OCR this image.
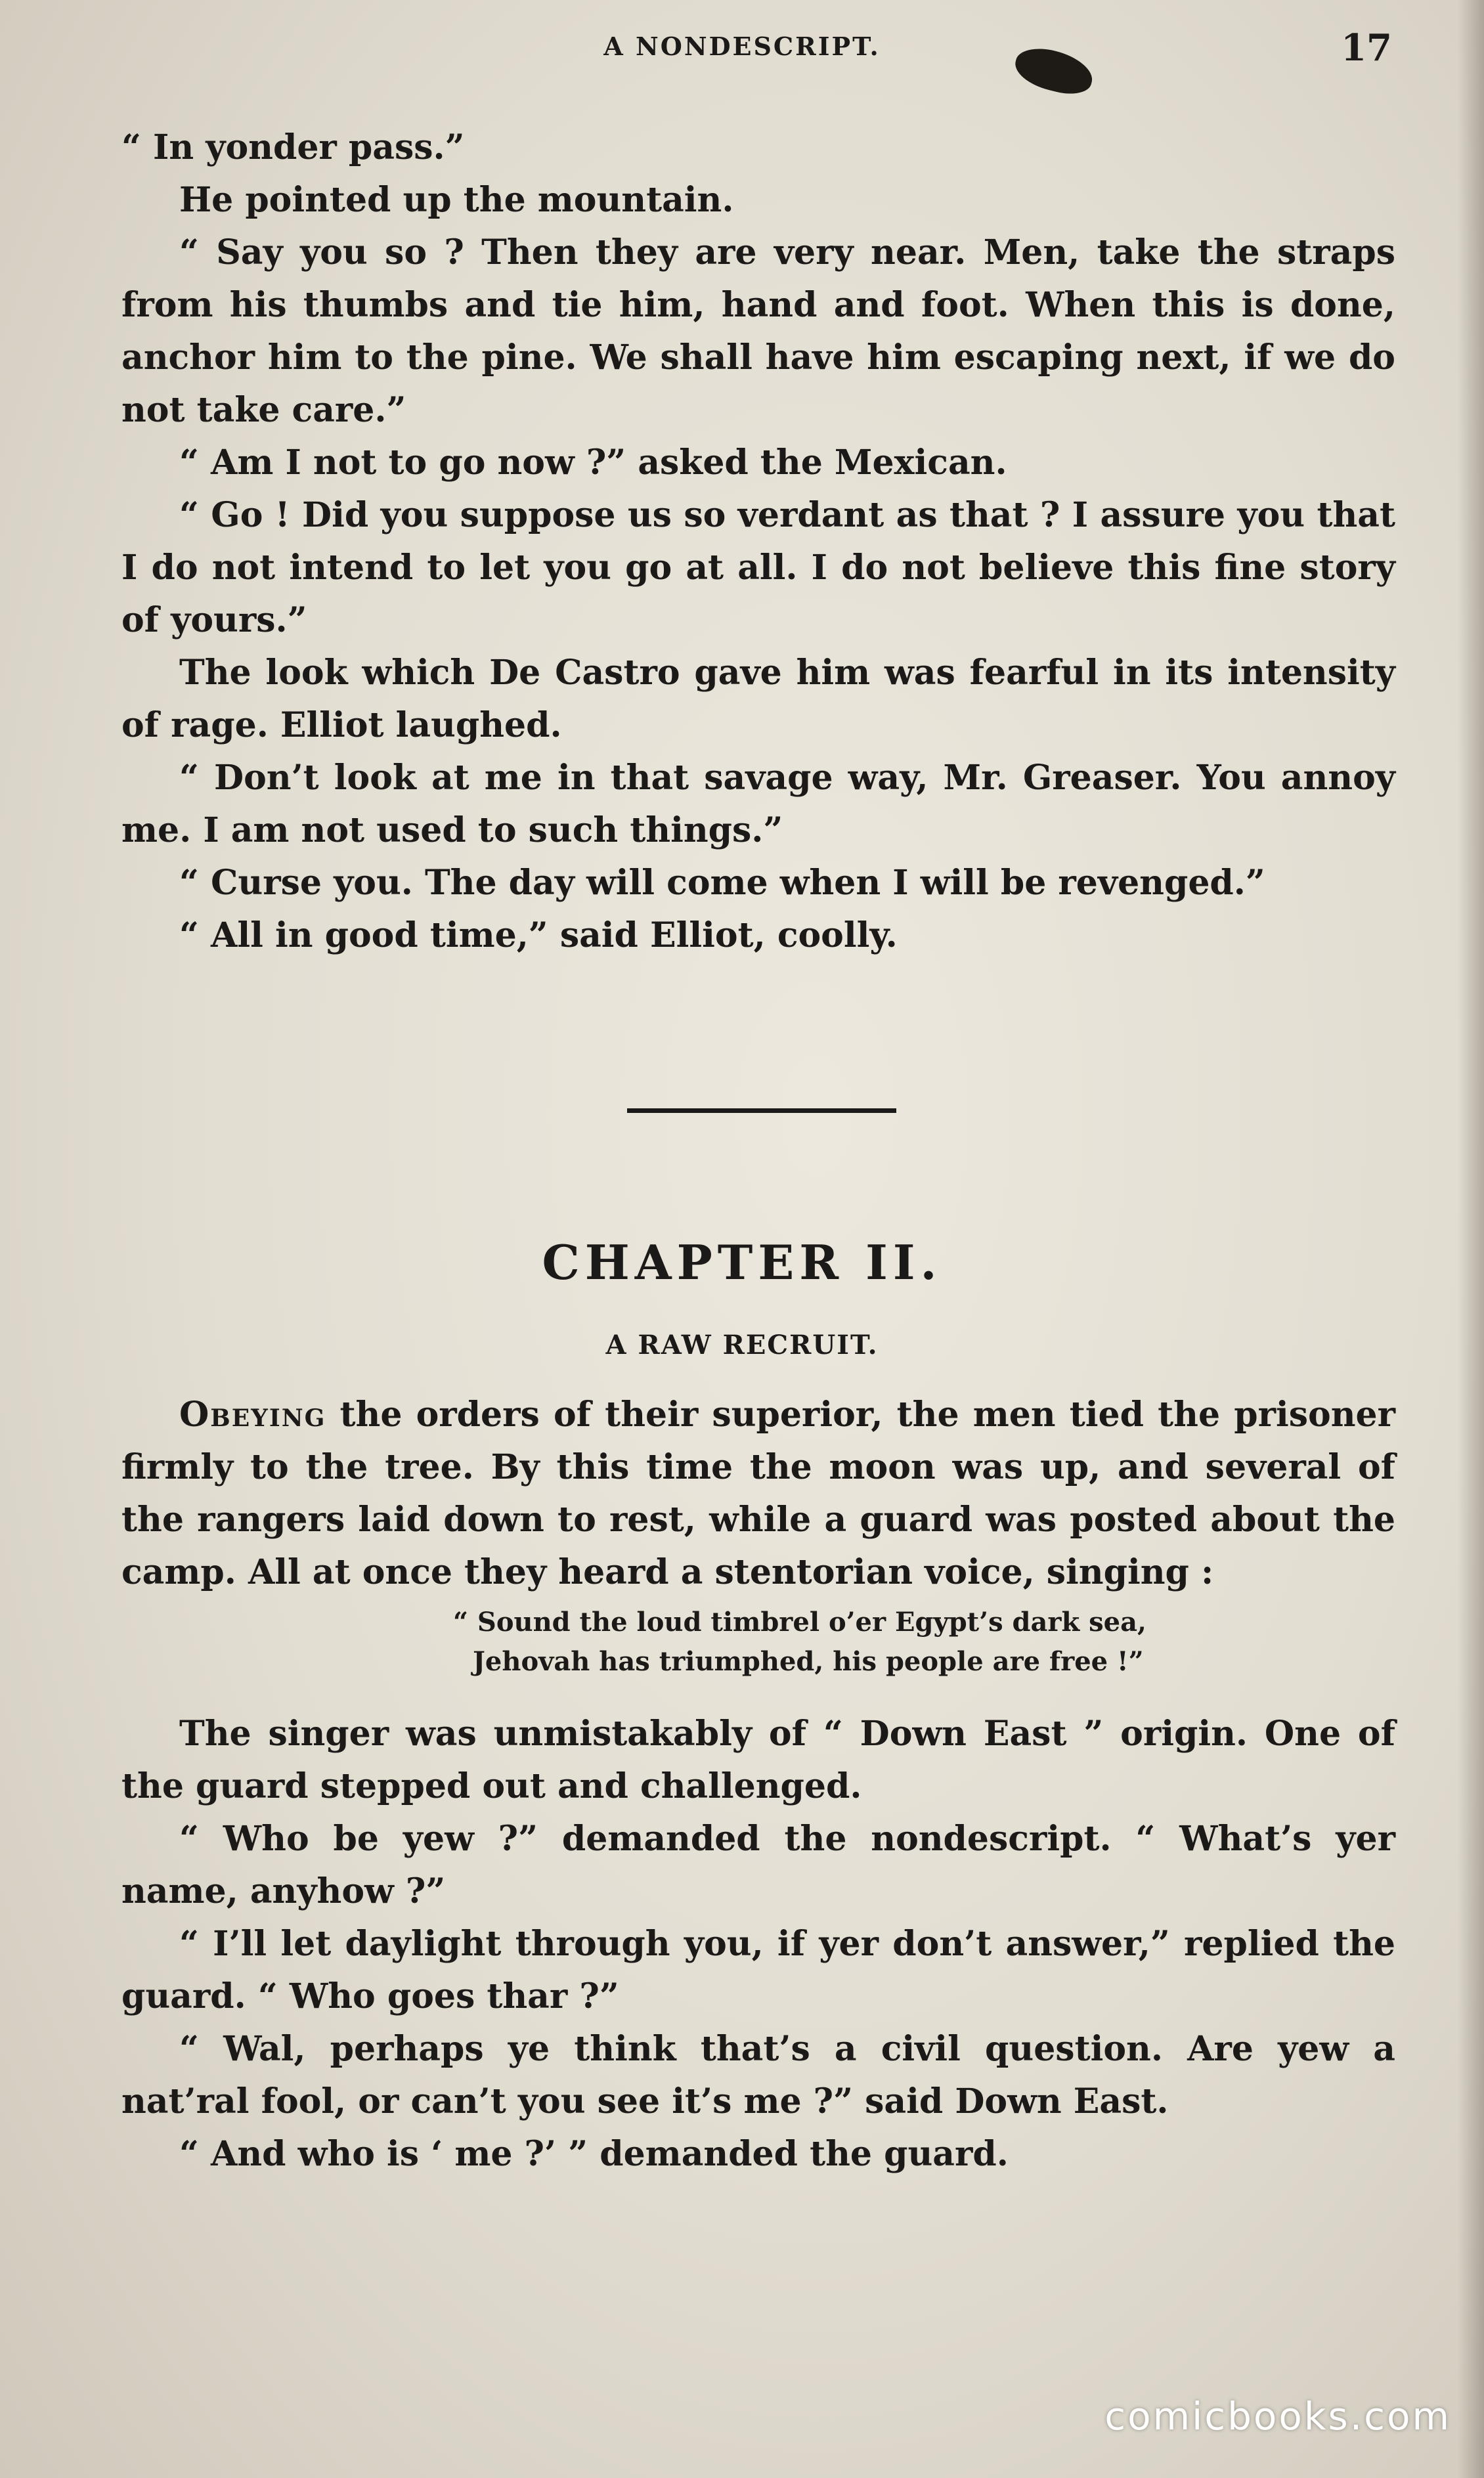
A NONDESCRIPT.	17

“ In yonder pass.”

He pointed up the mountain.

“ Say you so ? Then they are very near. Men, take the straps from his thumbs and tie him, hand and foot. When this is done, anchor him to the pine. We shall have him escaping next, if we do not take care.”

“ Am I not to go now ?” asked the Mexican.

“ Go ! Did you suppose us so verdant as that ? I assure you that I do not intend to let you go at all. I do not believe this fine story of yours.”

The look which De Castro gave him was fearful in its intensity of rage. Elliot laughed.

“ Don’t look at me in that savage way, Mr. Greaser. You annoy me. I am not used to such things.”

“ Curse you. The day will come when I will be revenged.”

“ All in good time,” said Elliot, coolly.

CHAPTER II.
A RAW RECRUIT.

Obeying the orders of their superior, the men tied the prisoner firmly to the tree. By this time the moon was up, and several of the rangers laid down to rest, while a guard was posted about the camp. All at once they heard a stentorian voice, singing :

“ Sound the loud timbrel o’er Egypt’s dark sea,
Jehovah has triumphed, his people are free !”

The singer was unmistakably of “ Down East ” origin. One of the guard stepped out and challenged.

“ Who be yew ?” demanded the nondescript. “ What’s yer name, anyhow ?”

“ I’ll let daylight through you, if yer don’t answer,” replied the guard. “ Who goes thar ?”

“ Wal, perhaps ye think that’s a civil question. Are yew a nat’ral fool, or can’t you see it’s me ?” said Down East.

“ And who is ‘ me ?’ ” demanded the guard.

comicbooks.com
